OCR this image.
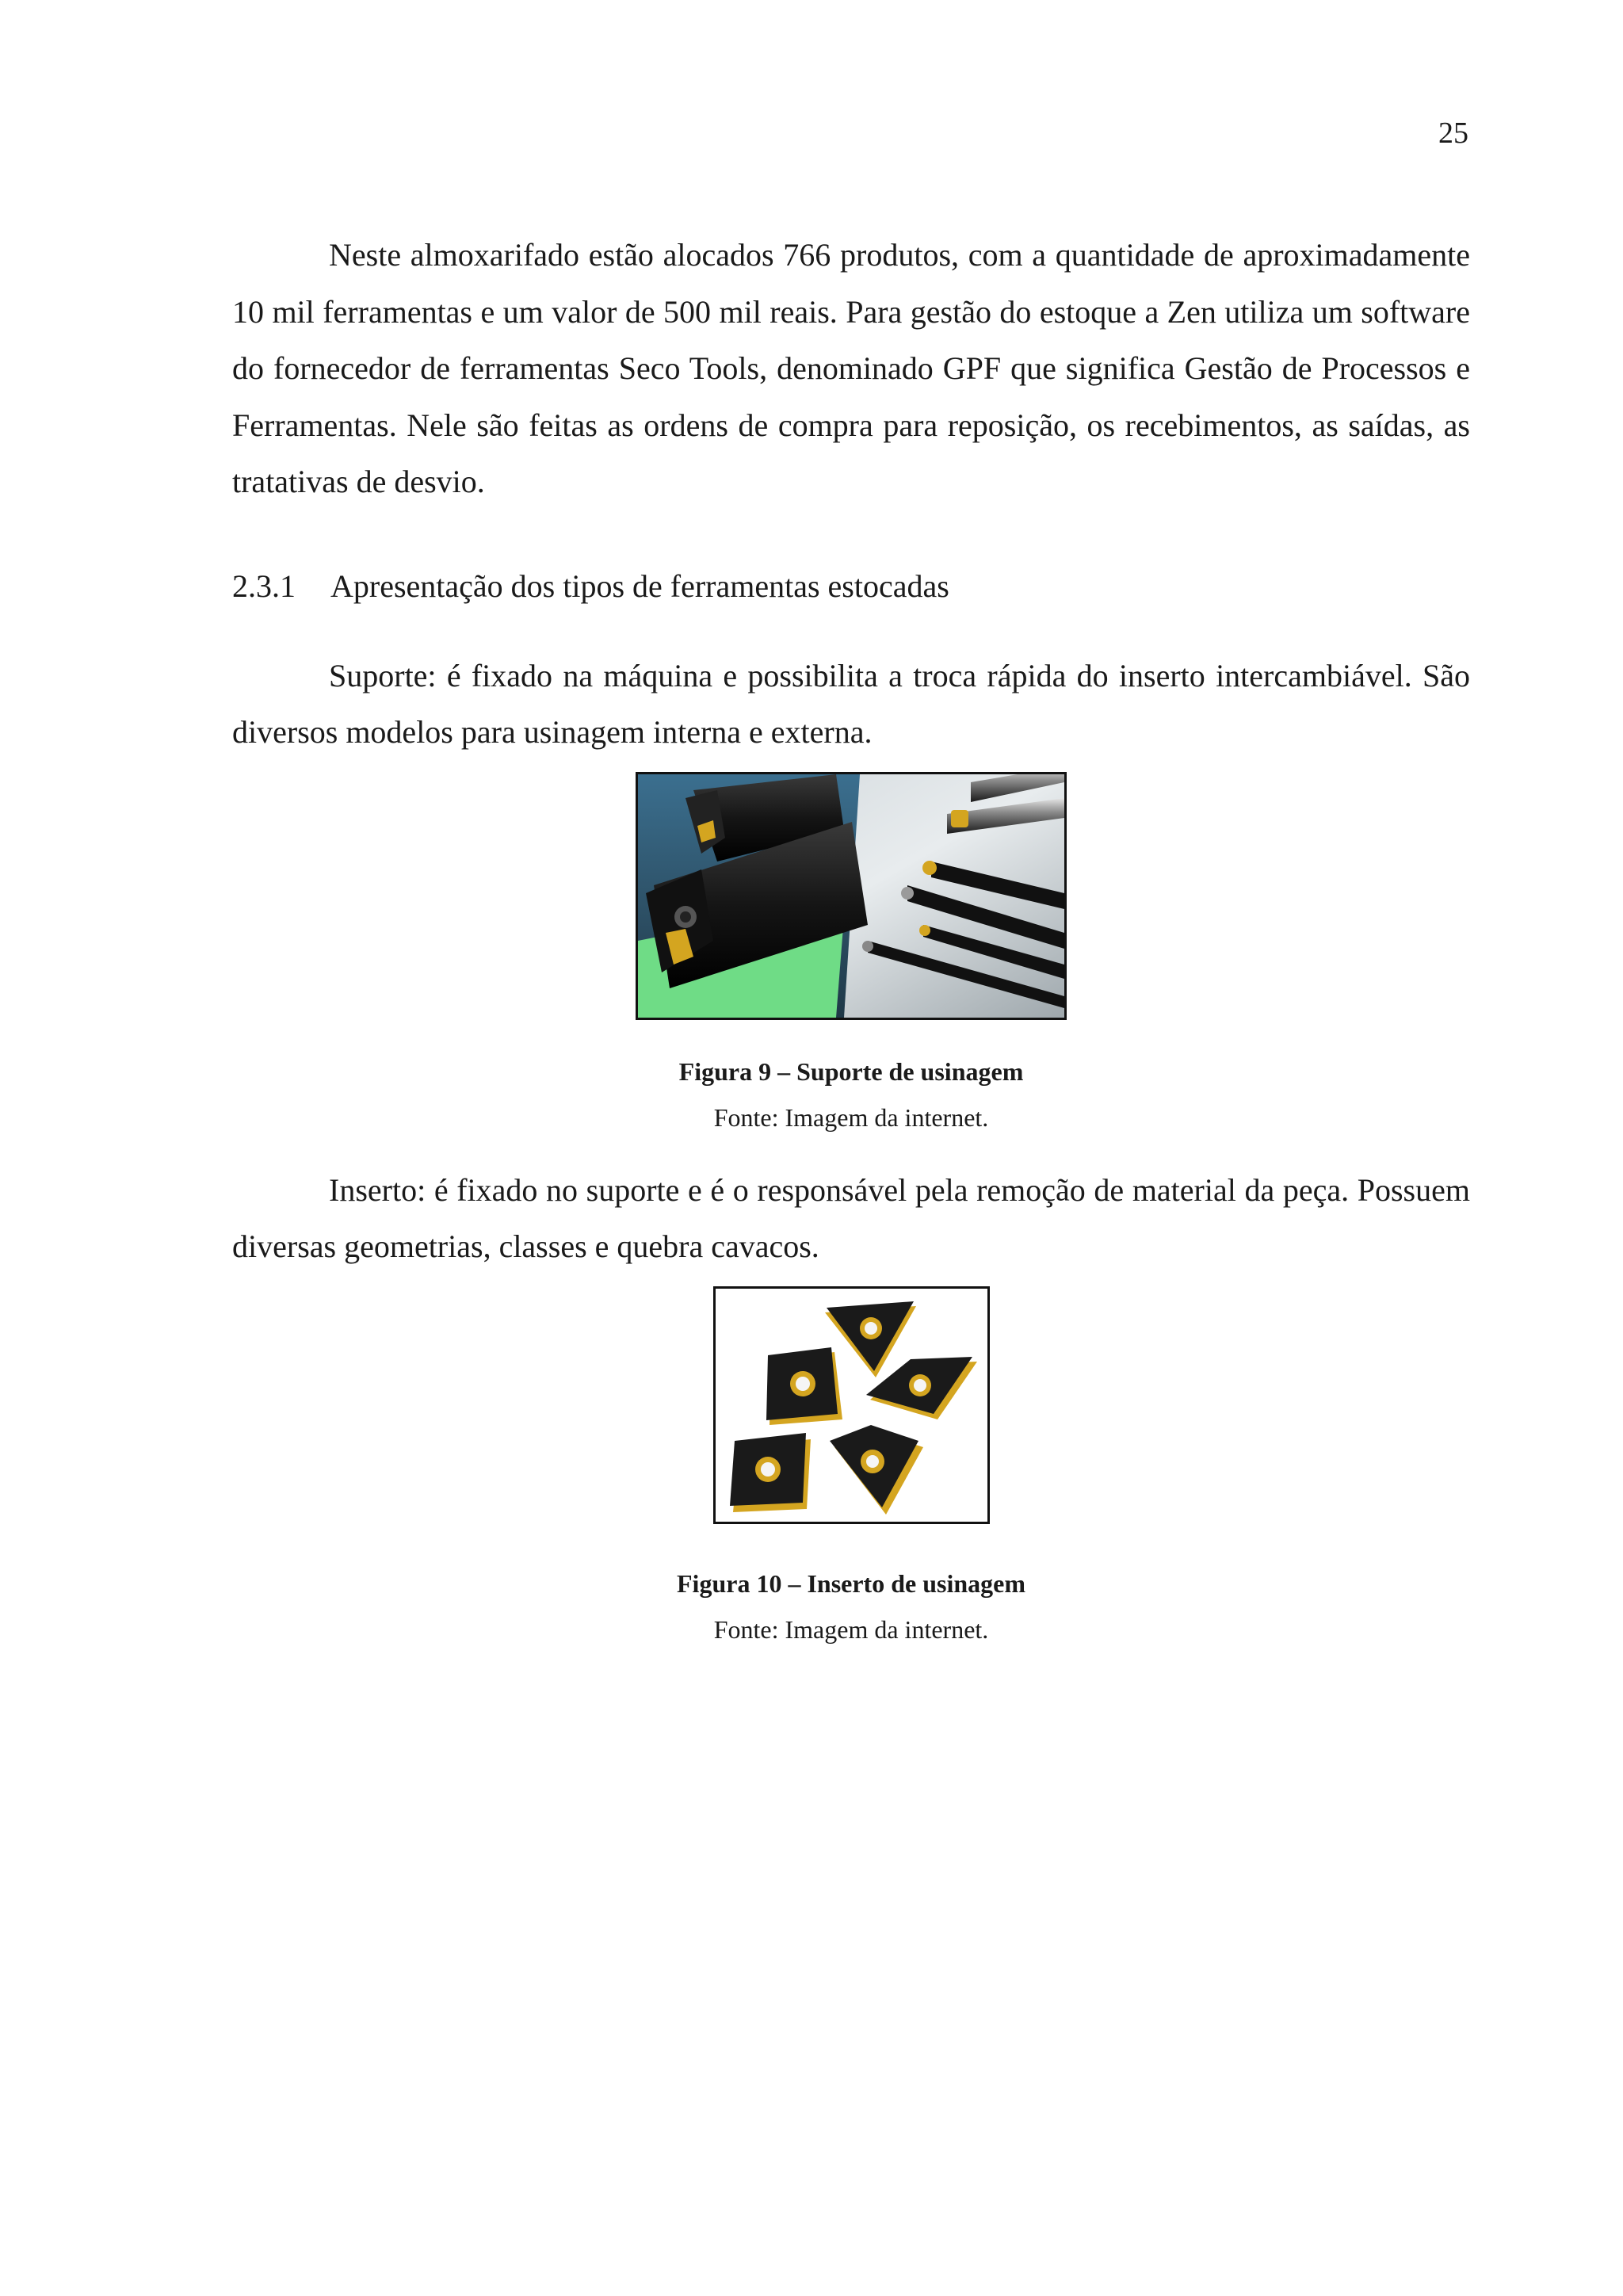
25

Neste almoxarifado estão alocados 766 produtos, com a quantidade de aproximadamente 10 mil ferramentas e um valor de 500 mil reais. Para gestão do estoque a Zen utiliza um software do fornecedor de ferramentas Seco Tools, denominado GPF que significa Gestão de Processos e Ferramentas. Nele são feitas as ordens de compra para reposição, os recebimentos, as saídas, as tratativas de desvio.

2.3.1 Apresentação dos tipos de ferramentas estocadas

Suporte: é fixado na máquina e possibilita a troca rápida do inserto intercambiável. São diversos modelos para usinagem interna e externa.

Figura 9 – Suporte de usinagem
Fonte: Imagem da internet.

Inserto: é fixado no suporte e é o responsável pela remoção de material da peça. Possuem diversas geometrias, classes e quebra cavacos.

Figura 10 – Inserto de usinagem
Fonte: Imagem da internet.
